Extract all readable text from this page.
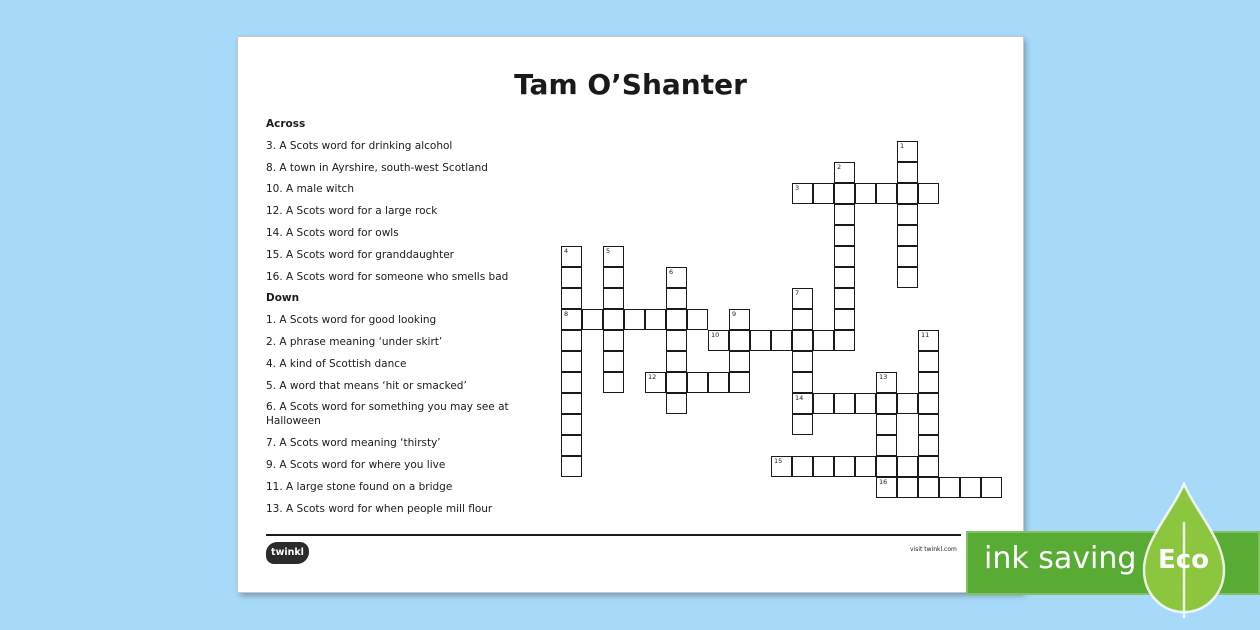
Tam O’Shanter
Across
3. A Scots word for drinking alcohol
8. A town in Ayrshire, south-west Scotland
10. A male witch
12. A Scots word for a large rock
14. A Scots word for owls
15. A Scots word for granddaughter
16. A Scots word for someone who smells bad
Down
1. A Scots word for good looking
2. A phrase meaning ‘under skirt’
4. A kind of Scottish dance
5. A word that means ‘hit or smacked’
6. A Scots word for something you may see at Halloween
7. A Scots word meaning ‘thirsty’
9. A Scots word for where you live
11. A large stone found on a bridge
13. A Scots word for when people mill flour
1
2
3
4
8
5
6
7
14
9
10	11
12	13
16
15
twinkl	visit twinkl.com ink saving Eco
